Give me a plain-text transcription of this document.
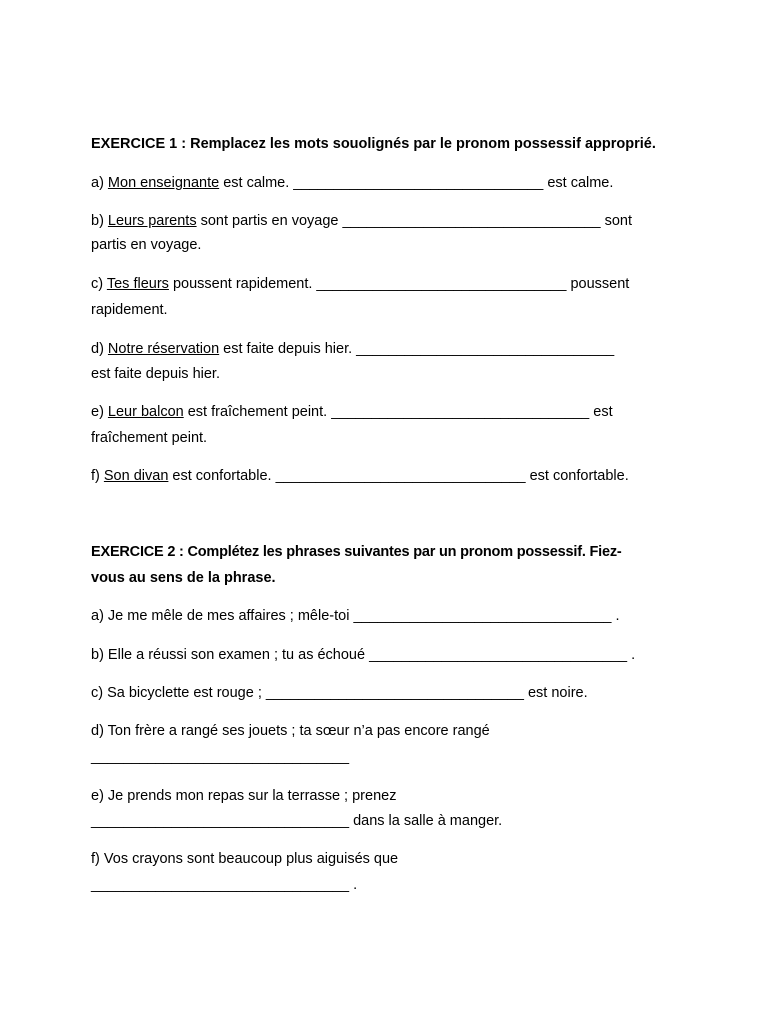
EXERCICE 1 : Remplacez les mots souolignés par le pronom possessif approprié.
a) Mon enseignante est calme. _______________________________ est calme.
b) Leurs parents sont partis en voyage ________________________________ sont
partis en voyage.
c) Tes fleurs poussent rapidement. _______________________________ poussent
rapidement.
d) Notre réservation est faite depuis hier. ________________________________
est faite depuis hier.
e) Leur balcon est fraîchement peint. ________________________________ est
fraîchement peint.
f) Son divan est confortable. _______________________________ est confortable.
EXERCICE 2 : Complétez les phrases suivantes par un pronom possessif. Fiez-
vous au sens de la phrase.
a) Je me mêle de mes affaires ; mêle-toi ________________________________ .
b) Elle a réussi son examen ; tu as échoué ________________________________ .
c) Sa bicyclette est rouge ; ________________________________ est noire.
d) Ton frère a rangé ses jouets ; ta sœur n’a pas encore rangé
________________________________
e) Je prends mon repas sur la terrasse ; prenez
________________________________ dans la salle à manger.
f) Vos crayons sont beaucoup plus aiguisés que
________________________________ .
